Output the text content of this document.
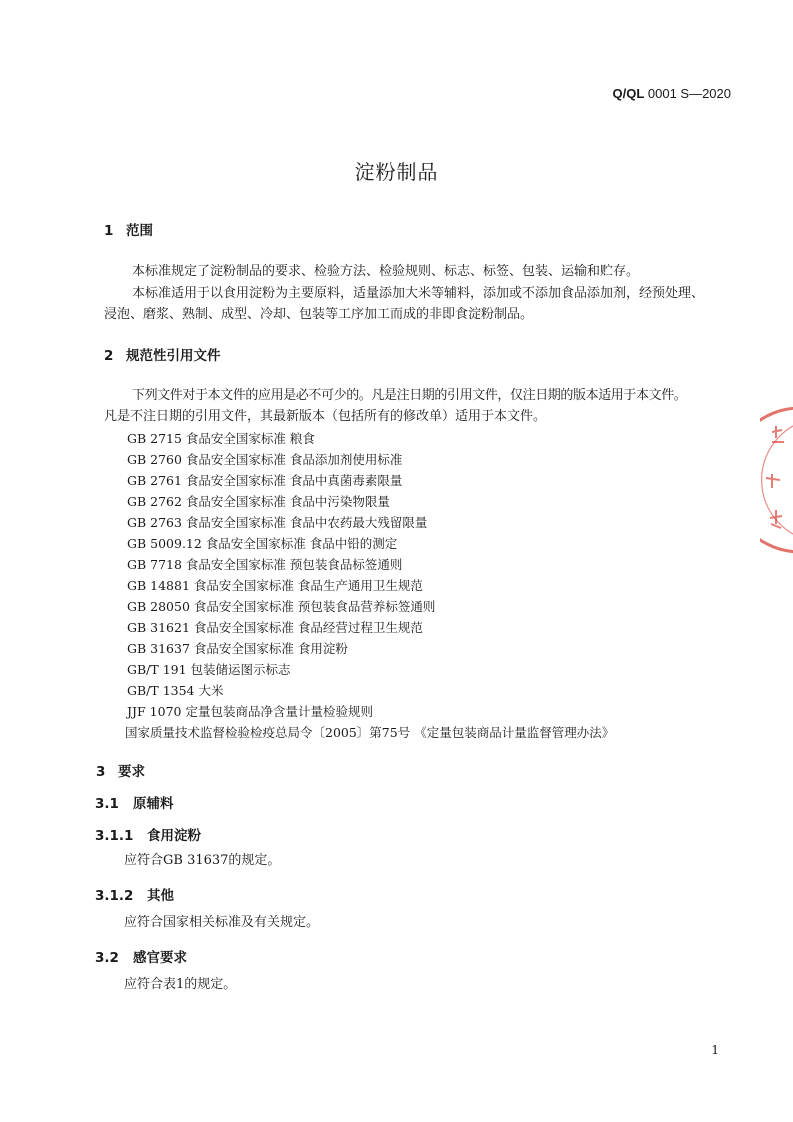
Q/QL 0001 S—2020
淀粉制品
1 范围
本标准规定了淀粉制品的要求、检验方法、检验规则、标志、标签、包装、运输和贮存。
本标准适用于以食用淀粉为主要原料，适量添加大米等辅料，添加或不添加食品添加剂，经预处理、
浸泡、磨浆、熟制、成型、冷却、包装等工序加工而成的非即食淀粉制品。
2 规范性引用文件
下列文件对于本文件的应用是必不可少的。凡是注日期的引用文件，仅注日期的版本适用于本文件。
凡是不注日期的引用文件，其最新版本（包括所有的修改单）适用于本文件。
GB 2715 食品安全国家标准 粮食
GB 2760 食品安全国家标准 食品添加剂使用标准
GB 2761 食品安全国家标准 食品中真菌毒素限量
GB 2762 食品安全国家标准 食品中污染物限量
GB 2763 食品安全国家标准 食品中农药最大残留限量
GB 5009.12 食品安全国家标准 食品中铅的测定
GB 7718 食品安全国家标准 预包装食品标签通则
GB 14881 食品安全国家标准 食品生产通用卫生规范
GB 28050 食品安全国家标准 预包装食品营养标签通则
GB 31621 食品安全国家标准 食品经营过程卫生规范
GB 31637 食品安全国家标准 食用淀粉
GB/T 191 包装储运图示标志
GB/T 1354 大米
JJF 1070 定量包装商品净含量计量检验规则
国家质量技术监督检验检疫总局令〔2005〕第75号 《定量包装商品计量监督管理办法》
3 要求
3.1 原辅料
3.1.1 食用淀粉
应符合GB 31637的规定。
3.1.2 其他
应符合国家相关标准及有关规定。
3.2 感官要求
应符合表1的规定。
1
